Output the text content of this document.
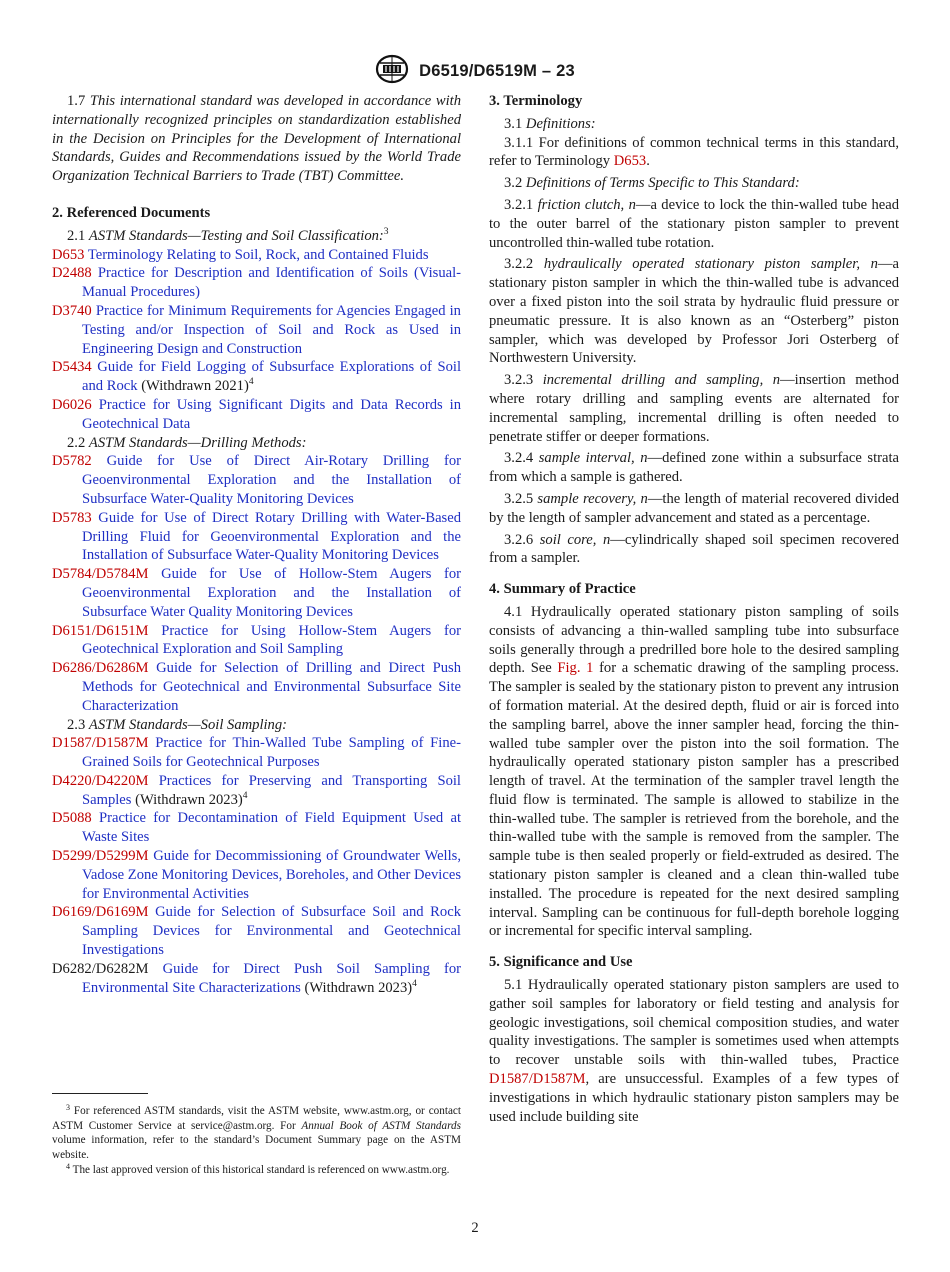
D6519/D6519M – 23

1.7 This international standard was developed in accordance with internationally recognized principles on standardization established in the Decision on Principles for the Development of International Standards, Guides and Recommendations issued by the World Trade Organization Technical Barriers to Trade (TBT) Committee.

2. Referenced Documents

2.1 ASTM Standards—Testing and Soil Classification:$^3$

D653 Terminology Relating to Soil, Rock, and Contained Fluids

D2488 Practice for Description and Identification of Soils (Visual-Manual Procedures)

D3740 Practice for Minimum Requirements for Agencies Engaged in Testing and/or Inspection of Soil and Rock as Used in Engineering Design and Construction

D5434 Guide for Field Logging of Subsurface Explorations of Soil and Rock (Withdrawn 2021)$^4$

D6026 Practice for Using Significant Digits and Data Records in Geotechnical Data

2.2 ASTM Standards—Drilling Methods:

D5782 Guide for Use of Direct Air-Rotary Drilling for Geoenvironmental Exploration and the Installation of Subsurface Water-Quality Monitoring Devices

D5783 Guide for Use of Direct Rotary Drilling with Water-Based Drilling Fluid for Geoenvironmental Exploration and the Installation of Subsurface Water-Quality Monitoring Devices

D5784/D5784M Guide for Use of Hollow-Stem Augers for Geoenvironmental Exploration and the Installation of Subsurface Water Quality Monitoring Devices

D6151/D6151M Practice for Using Hollow-Stem Augers for Geotechnical Exploration and Soil Sampling

D6286/D6286M Guide for Selection of Drilling and Direct Push Methods for Geotechnical and Environmental Subsurface Site Characterization

2.3 ASTM Standards—Soil Sampling:

D1587/D1587M Practice for Thin-Walled Tube Sampling of Fine-Grained Soils for Geotechnical Purposes

D4220/D4220M Practices for Preserving and Transporting Soil Samples (Withdrawn 2023)$^4$

D5088 Practice for Decontamination of Field Equipment Used at Waste Sites

D5299/D5299M Guide for Decommissioning of Groundwater Wells, Vadose Zone Monitoring Devices, Boreholes, and Other Devices for Environmental Activities

D6169/D6169M Guide for Selection of Subsurface Soil and Rock Sampling Devices for Environmental and Geotechnical Investigations

D6282/D6282M Guide for Direct Push Soil Sampling for Environmental Site Characterizations (Withdrawn 2023)$^4$

$^3$ For referenced ASTM standards, visit the ASTM website, www.astm.org, or contact ASTM Customer Service at service@astm.org. For Annual Book of ASTM Standards volume information, refer to the standard’s Document Summary page on the ASTM website.

$^4$ The last approved version of this historical standard is referenced on www.astm.org.

3. Terminology

3.1 Definitions:

3.1.1 For definitions of common technical terms in this standard, refer to Terminology D653.

3.2 Definitions of Terms Specific to This Standard:

3.2.1 friction clutch, n—a device to lock the thin-walled tube head to the outer barrel of the stationary piston sampler to prevent uncontrolled thin-walled tube rotation.

3.2.2 hydraulically operated stationary piston sampler, n—a stationary piston sampler in which the thin-walled tube is advanced over a fixed piston into the soil strata by hydraulic fluid pressure or pneumatic pressure. It is also known as an “Osterberg” piston sampler, which was developed by Professor Jori Osterberg of Northwestern University.

3.2.3 incremental drilling and sampling, n—insertion method where rotary drilling and sampling events are alternated for incremental sampling, incremental drilling is often needed to penetrate stiffer or deeper formations.

3.2.4 sample interval, n—defined zone within a subsurface strata from which a sample is gathered.

3.2.5 sample recovery, n—the length of material recovered divided by the length of sampler advancement and stated as a percentage.

3.2.6 soil core, n—cylindrically shaped soil specimen recovered from a sampler.

4. Summary of Practice

4.1 Hydraulically operated stationary piston sampling of soils consists of advancing a thin-walled sampling tube into subsurface soils generally through a predrilled bore hole to the desired sampling depth. See Fig. 1 for a schematic drawing of the sampling process. The sampler is sealed by the stationary piston to prevent any intrusion of formation material. At the desired depth, fluid or air is forced into the sampling barrel, above the inner sampler head, forcing the thin-walled tube sampler over the piston into the soil formation. The hydraulically operated stationary piston sampler has a prescribed length of travel. At the termination of the sampler travel length the fluid flow is terminated. The sample is allowed to stabilize in the thin-walled tube. The sampler is retrieved from the borehole, and the thin-walled tube with the sample is removed from the sampler. The sample tube is then sealed properly or field-extruded as desired. The stationary piston sampler is cleaned and a clean thin-walled tube installed. The procedure is repeated for the next desired sampling interval. Sampling can be continuous for full-depth borehole logging or incremental for specific interval sampling.

5. Significance and Use

5.1 Hydraulically operated stationary piston samplers are used to gather soil samples for laboratory or field testing and analysis for geologic investigations, soil chemical composition studies, and water quality investigations. The sampler is sometimes used when attempts to recover unstable soils with thin-walled tubes, Practice D1587/D1587M, are unsuccessful. Examples of a few types of investigations in which hydraulic stationary piston samplers may be used include building site

2
